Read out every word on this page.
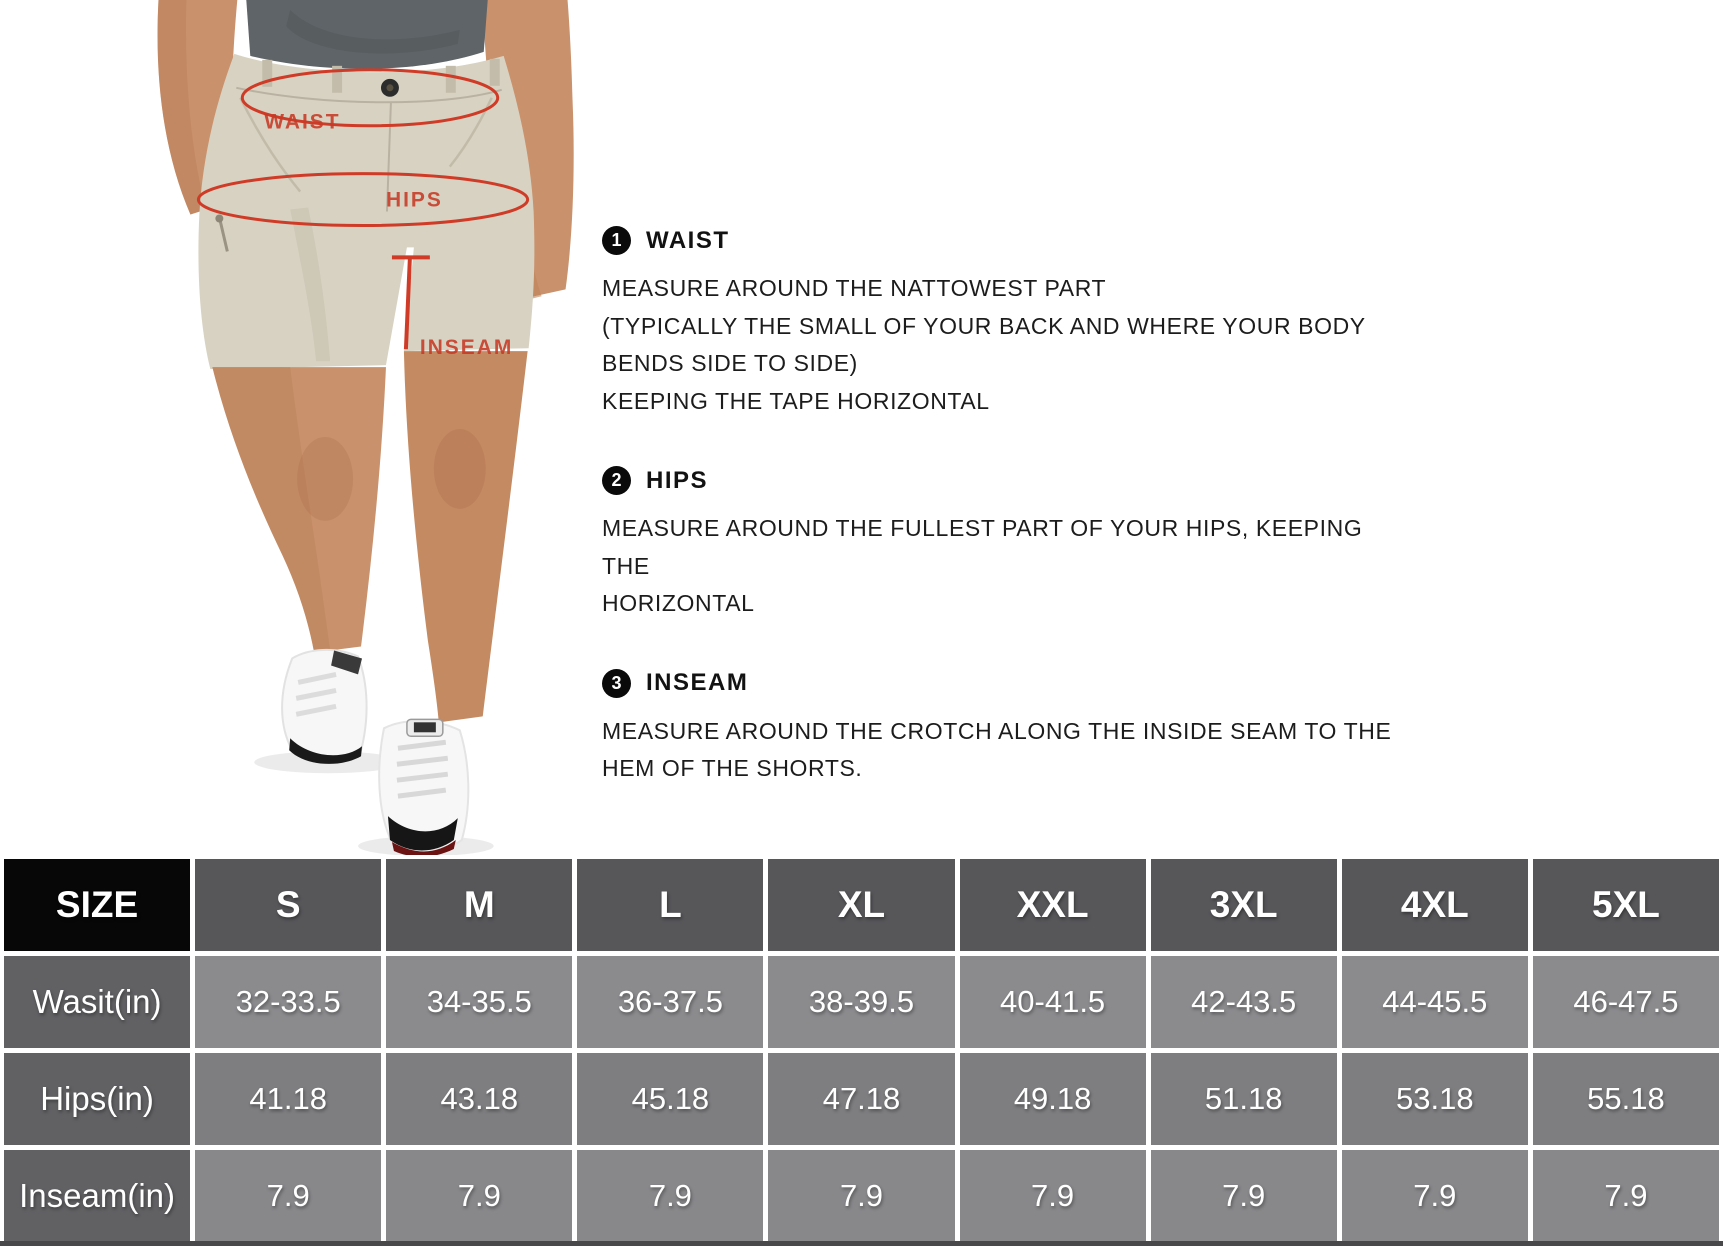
WAIST
HIPS
INSEAM
1	WAIST
MEASURE AROUND THE NATTOWEST PART
(TYPICALLY THE SMALL OF YOUR BACK AND WHERE YOUR BODY
BENDS SIDE TO SIDE)
KEEPING THE TAPE HORIZONTAL
2	HIPS
MEASURE AROUND THE FULLEST PART OF YOUR HIPS, KEEPING THE
HORIZONTAL
3	INSEAM
MEASURE AROUND THE CROTCH ALONG THE INSIDE SEAM TO THE
HEM OF THE SHORTS.
SIZE	S	M	L	XL	XXL	3XL	4XL	5XL
Wasit(in)	32-33.5	34-35.5	36-37.5	38-39.5	40-41.5	42-43.5	44-45.5	46-47.5
Hips(in)	41.18	43.18	45.18	47.18	49.18	51.18	53.18	55.18
Inseam(in)	7.9	7.9	7.9	7.9	7.9	7.9	7.9	7.9
